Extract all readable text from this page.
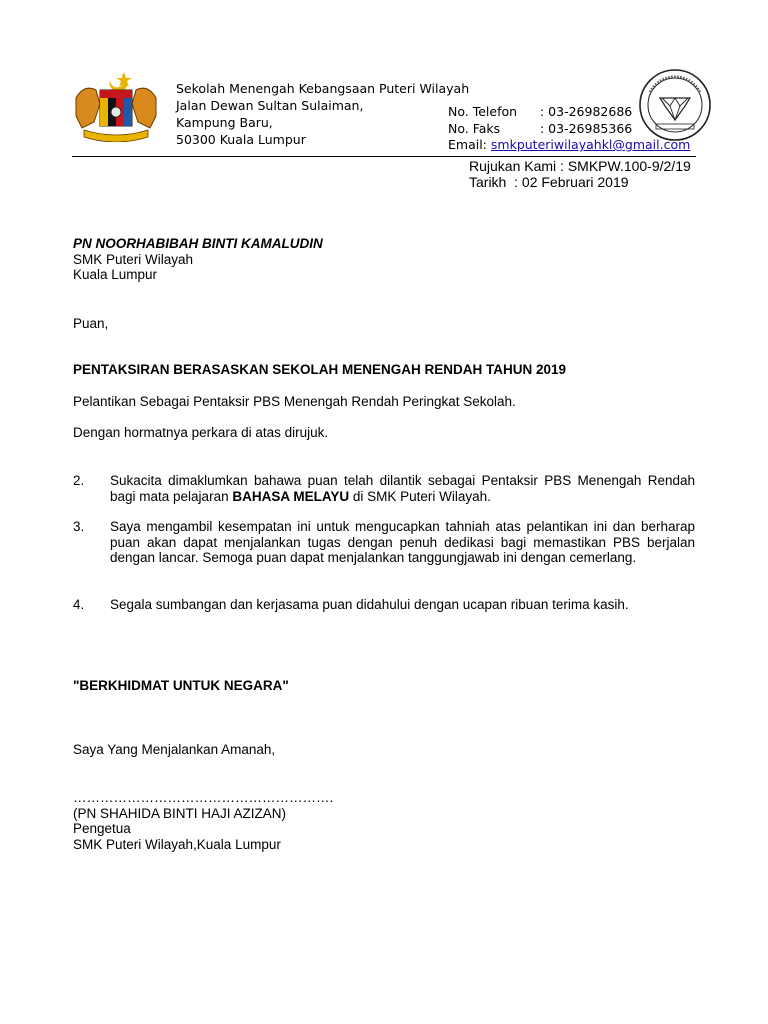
Sekolah Menengah Kebangsaan Puteri Wilayah
Jalan Dewan Sultan Sulaiman,
Kampung Baru,
50300 Kuala Lumpur
No. Telefon	: 03-26982686
No. Faks	: 03-26985366
Email:
smkputeriwilayahkl@gmail.com
Rujukan Kami : SMKPW.100-9/2/19
Tarikh  : 02 Februari 2019
PN NOORHABIBAH BINTI KAMALUDIN
SMK Puteri Wilayah
Kuala Lumpur
Puan,
PENTAKSIRAN BERASASKAN SEKOLAH MENENGAH RENDAH TAHUN 2019
Pelantikan Sebagai Pentaksir PBS Menengah Rendah Peringkat Sekolah.
Dengan hormatnya perkara di atas dirujuk.
2.	Sukacita dimaklumkan bahawa puan telah dilantik sebagai Pentaksir PBS Menengah Rendah bagi mata pelajaran BAHASA MELAYU di SMK Puteri Wilayah.
3.	Saya mengambil kesempatan ini untuk mengucapkan tahniah atas pelantikan ini dan berharap puan akan dapat menjalankan tugas dengan penuh dedikasi bagi memastikan PBS berjalan dengan lancar. Semoga puan dapat menjalankan tanggungjawab ini dengan cemerlang.
4.	Segala sumbangan dan kerjasama puan didahului dengan ucapan ribuan terima kasih.
"BERKHIDMAT UNTUK NEGARA"
Saya Yang Menjalankan Amanah,
………………………………………………….
(PN SHAHIDA BINTI HAJI AZIZAN)
Pengetua
SMK Puteri Wilayah,Kuala Lumpur
